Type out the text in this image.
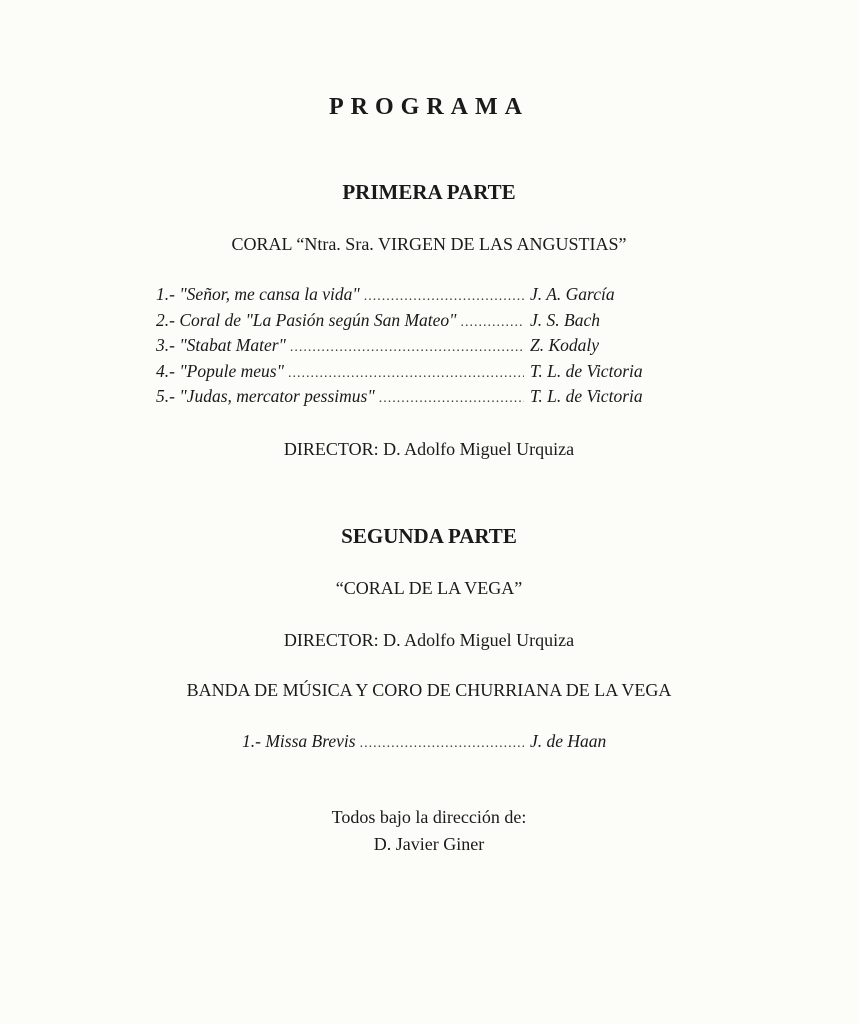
PROGRAMA
PRIMERA PARTE
CORAL “Ntra. Sra. VIRGEN DE LAS ANGUSTIAS”
1.- "Señor, me cansa la vida" .....	J. A. García
2.- Coral de "La Pasión según San Mateo" .....	J. S. Bach
3.- "Stabat Mater" .....	Z. Kodaly
4.- "Popule meus" .....	T. L. de Victoria
5.- "Judas, mercator pessimus" .....	T. L. de Victoria
DIRECTOR: D. Adolfo Miguel Urquiza
SEGUNDA PARTE
“CORAL DE LA VEGA”
DIRECTOR: D. Adolfo Miguel Urquiza
BANDA DE MÚSICA Y CORO DE CHURRIANA DE LA VEGA
1.- Missa Brevis .....	J. de Haan
Todos bajo la dirección de:
D. Javier Giner
